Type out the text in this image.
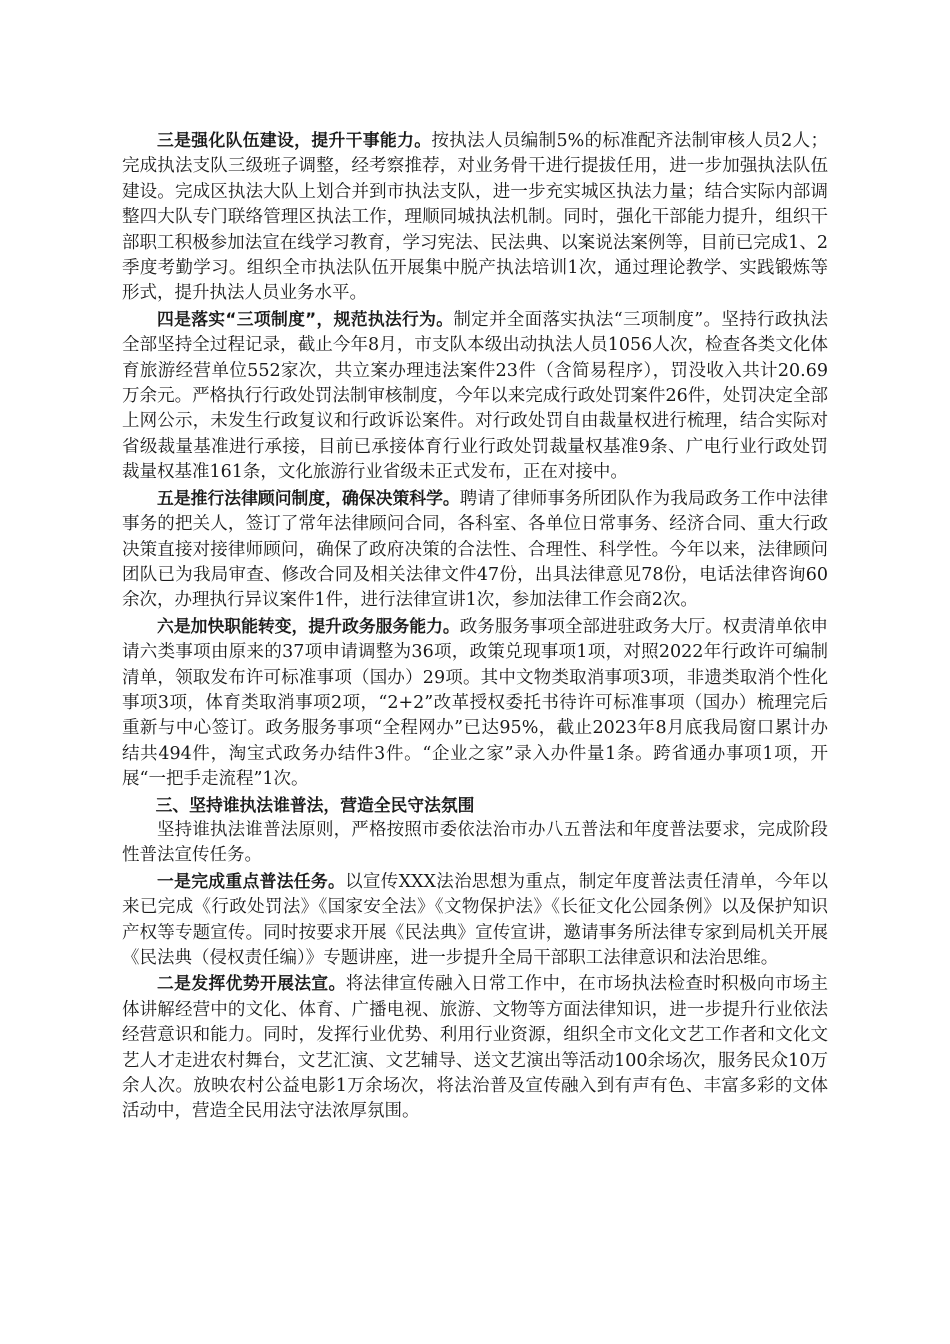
三是强化队伍建设，提升干事能力。按执法人员编制5%的标准配齐法制审核人员2人；完成执法支队三级班子调整，经考察推荐，对业务骨干进行提拔任用，进一步加强执法队伍建设。完成区执法大队上划合并到市执法支队，进一步充实城区执法力量；结合实际内部调整四大队专门联络管理区执法工作，理顺同城执法机制。同时，强化干部能力提升，组织干部职工积极参加法宣在线学习教育，学习宪法、民法典、以案说法案例等，目前已完成1、2季度考勤学习。组织全市执法队伍开展集中脱产执法培训1次，通过理论教学、实践锻炼等形式，提升执法人员业务水平。

四是落实“三项制度”，规范执法行为。制定并全面落实执法“三项制度”。坚持行政执法全部坚持全过程记录，截止今年8月，市支队本级出动执法人员1056人次，检查各类文化体育旅游经营单位552家次，共立案办理违法案件23件（含简易程序），罚没收入共计20.69万余元。严格执行行政处罚法制审核制度，今年以来完成行政处罚案件26件，处罚决定全部上网公示，未发生行政复议和行政诉讼案件。对行政处罚自由裁量权进行梳理，结合实际对省级裁量基准进行承接，目前已承接体育行业行政处罚裁量权基准9条、广电行业行政处罚裁量权基准161条，文化旅游行业省级未正式发布，正在对接中。

五是推行法律顾问制度，确保决策科学。聘请了律师事务所团队作为我局政务工作中法律事务的把关人，签订了常年法律顾问合同，各科室、各单位日常事务、经济合同、重大行政决策直接对接律师顾问，确保了政府决策的合法性、合理性、科学性。今年以来，法律顾问团队已为我局审查、修改合同及相关法律文件47份，出具法律意见78份，电话法律咨询60余次，办理执行异议案件1件，进行法律宣讲1次，参加法律工作会商2次。

六是加快职能转变，提升政务服务能力。政务服务事项全部进驻政务大厅。权责清单依申请六类事项由原来的37项申请调整为36项，政策兑现事项1项，对照2022年行政许可编制清单，领取发布许可标准事项（国办）29项。其中文物类取消事项3项，非遗类取消个性化事项3项，体育类取消事项2项，“2+2”改革授权委托书待许可标准事项（国办）梳理完后重新与中心签订。政务服务事项“全程网办”已达95%，截止2023年8月底我局窗口累计办结共494件，淘宝式政务办结件3件。“企业之家”录入办件量1条。跨省通办事项1项，开展“一把手走流程”1次。

三、坚持谁执法谁普法，营造全民守法氛围

坚持谁执法谁普法原则，严格按照市委依法治市办八五普法和年度普法要求，完成阶段性普法宣传任务。

一是完成重点普法任务。以宣传XXX法治思想为重点，制定年度普法责任清单，今年以来已完成《行政处罚法》《国家安全法》《文物保护法》《长征文化公园条例》以及保护知识产权等专题宣传。同时按要求开展《民法典》宣传宣讲，邀请事务所法律专家到局机关开展《民法典（侵权责任编）》专题讲座，进一步提升全局干部职工法律意识和法治思维。

二是发挥优势开展法宣。将法律宣传融入日常工作中，在市场执法检查时积极向市场主体讲解经营中的文化、体育、广播电视、旅游、文物等方面法律知识，进一步提升行业依法经营意识和能力。同时，发挥行业优势、利用行业资源，组织全市文化文艺工作者和文化文艺人才走进农村舞台，文艺汇演、文艺辅导、送文艺演出等活动100余场次，服务民众10万余人次。放映农村公益电影1万余场次，将法治普及宣传融入到有声有色、丰富多彩的文体活动中，营造全民用法守法浓厚氛围。
